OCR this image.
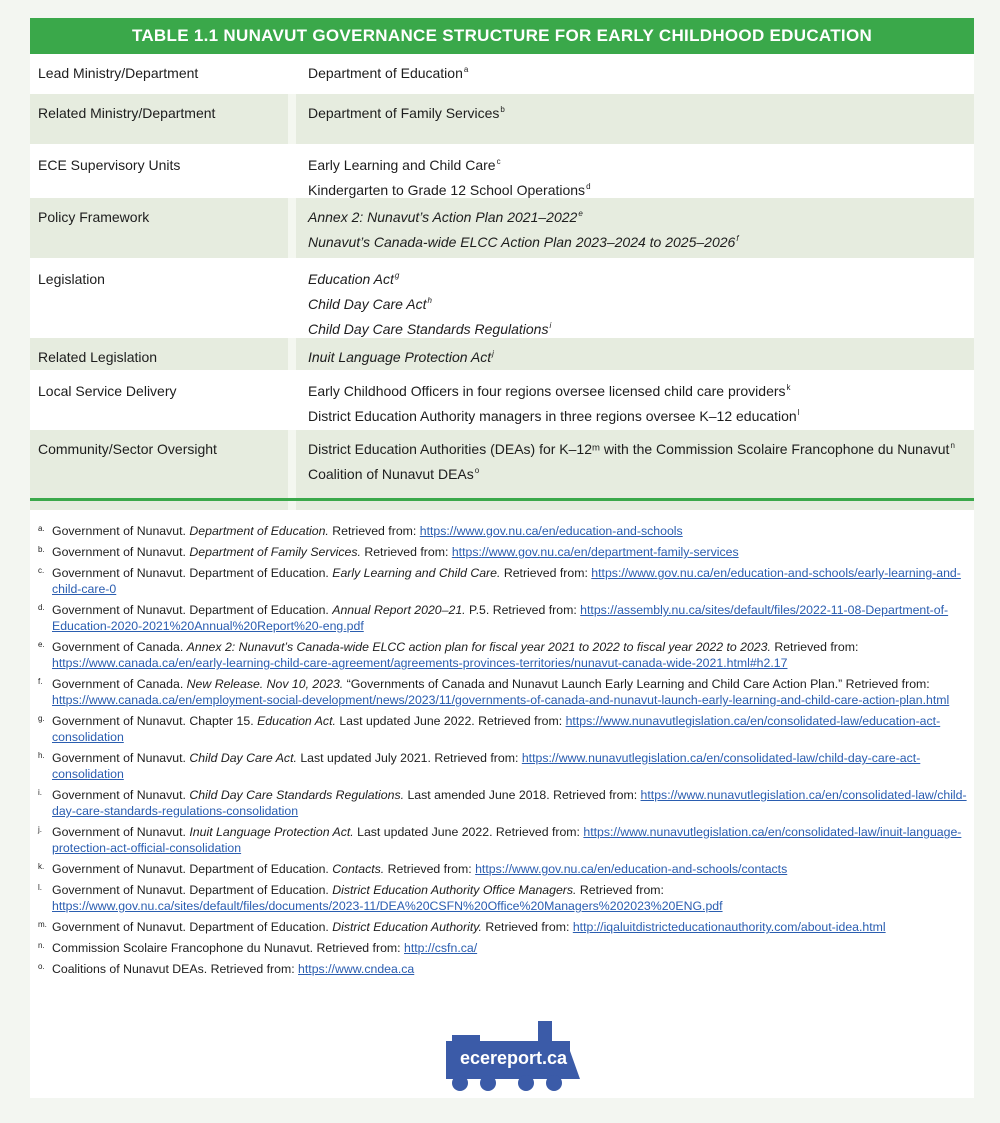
TABLE 1.1 NUNAVUT GOVERNANCE STRUCTURE FOR EARLY CHILDHOOD EDUCATION
Lead Ministry/Department	Department of Education$^a$
Related Ministry/Department	Department of Family Services$^b$
ECE Supervisory Units	Early Learning and Child Care$^c$
Kindergarten to Grade 12 School Operations$^d$
Policy Framework	Annex 2: Nunavut’s Action Plan 2021–2022e
Nunavut’s Canada-wide ELCC Action Plan 2023–2024 to 2025–2026$^f$
Legislation	Education Act$^g$
Child Day Care Act$^h$
Child Day Care Standards Regulations$^i$
Related Legislation	Inuit Language Protection Act$^j$
Local Service Delivery	Early Childhood Officers in four regions oversee licensed child care providers$^k$
District Education Authority managers in three regions oversee K–12 education$^l$
Community/Sector Oversight	District Education Authorities (DEAs) for K–12ᵐ with the Commission Scolaire Francophone du Nunavut$^n$
Coalition of Nunavut DEAs$^o$
a. Government of Nunavut. Department of Education. Retrieved from: https://www.gov.nu.ca/en/education-and-schools
b. Government of Nunavut. Department of Family Services. Retrieved from: https://www.gov.nu.ca/en/department-family-services
c. Government of Nunavut. Department of Education. Early Learning and Child Care. Retrieved from: https://www.gov.nu.ca/en/education-and-schools/early-learning-and-child-care-0
d. Government of Nunavut. Department of Education. Annual Report 2020–21. P.5. Retrieved from: https://assembly.nu.ca/sites/default/files/2022-11-08-Department-of-Education-2020-2021%20Annual%20Report%20-eng.pdf
e. Government of Canada. Annex 2: Nunavut’s Canada-wide ELCC action plan for fiscal year 2021 to 2022 to fiscal year 2022 to 2023. Retrieved from: https://www.canada.ca/en/early-learning-child-care-agreement/agreements-provinces-territories/nunavut-canada-wide-2021.html#h2.17
f. Government of Canada. New Release. Nov 10, 2023. “Governments of Canada and Nunavut Launch Early Learning and Child Care Action Plan.” Retrieved from: https://www.canada.ca/en/employment-social-development/news/2023/11/governments-of-canada-and-nunavut-launch-early-learning-and-child-care-action-plan.html
g. Government of Nunavut. Chapter 15. Education Act. Last updated June 2022. Retrieved from: https://www.nunavutlegislation.ca/en/consolidated-law/education-act-consolidation
h. Government of Nunavut. Child Day Care Act. Last updated July 2021. Retrieved from: https://www.nunavutlegislation.ca/en/consolidated-law/child-day-care-act-consolidation
i. Government of Nunavut. Child Day Care Standards Regulations. Last amended June 2018. Retrieved from: https://www.nunavutlegislation.ca/en/consolidated-law/child-day-care-standards-regulations-consolidation
j. Government of Nunavut. Inuit Language Protection Act. Last updated June 2022. Retrieved from: https://www.nunavutlegislation.ca/en/consolidated-law/inuit-language-protection-act-official-consolidation
k. Government of Nunavut. Department of Education. Contacts. Retrieved from: https://www.gov.nu.ca/en/education-and-schools/contacts
l. Government of Nunavut. Department of Education. District Education Authority Office Managers. Retrieved from: https://www.gov.nu.ca/sites/default/files/documents/2023-11/DEA%20CSFN%20Office%20Managers%202023%20ENG.pdf
m. Government of Nunavut. Department of Education. District Education Authority. Retrieved from: http://iqaluitdistricteducationauthority.com/about-idea.html
n. Commission Scolaire Francophone du Nunavut. Retrieved from: http://csfn.ca/
o. Coalitions of Nunavut DEAs. Retrieved from: https://www.cndea.ca
ecereport.ca
